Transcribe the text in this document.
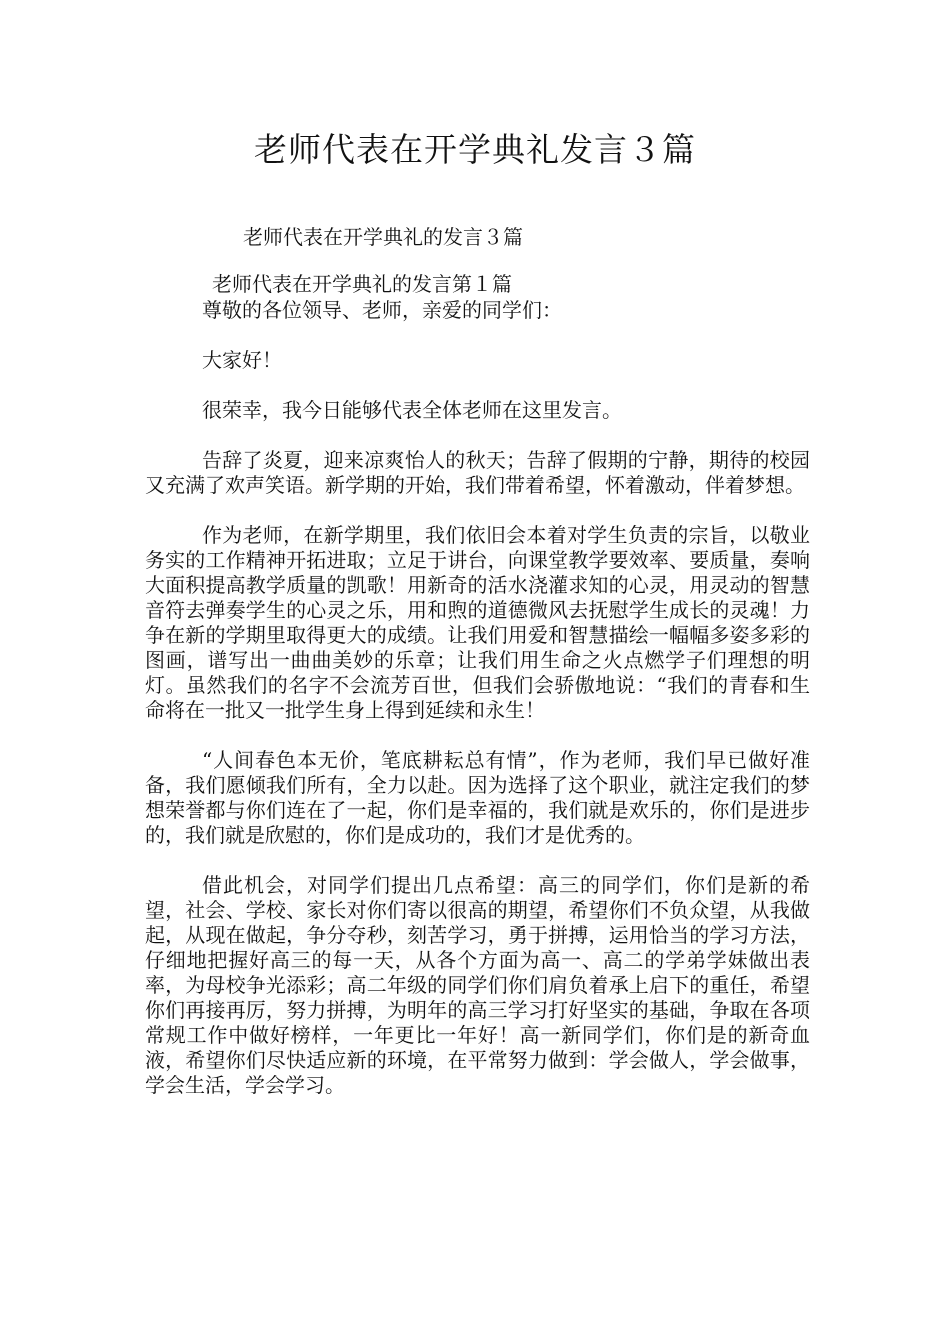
老师代表在开学典礼发言３篇
老师代表在开学典礼的发言３篇
老师代表在开学典礼的发言第１篇

尊敬的各位领导、老师，亲爱的同学们：

大家好！

很荣幸，我今日能够代表全体老师在这里发言。

告辞了炎夏，迎来凉爽怡人的秋天；告辞了假期的宁静，期待的校园又充满了欢声笑语。新学期的开始，我们带着希望，怀着激动，伴着梦想。

作为老师，在新学期里，我们依旧会本着对学生负责的宗旨，以敬业务实的工作精神开拓进取；立足于讲台，向课堂教学要效率、要质量，奏响大面积提高教学质量的凯歌！用新奇的活水浇灌求知的心灵，用灵动的智慧音符去弹奏学生的心灵之乐，用和煦的道德微风去抚慰学生成长的灵魂！力争在新的学期里取得更大的成绩。让我们用爱和智慧描绘一幅幅多姿多彩的图画，谱写出一曲曲美妙的乐章；让我们用生命之火点燃学子们理想的明灯。虽然我们的名字不会流芳百世，但我们会骄傲地说：“我们的青春和生命将在一批又一批学生身上得到延续和永生！

“人间春色本无价，笔底耕耘总有情”，作为老师，我们早已做好准备，我们愿倾我们所有，全力以赴。因为选择了这个职业，就注定我们的梦想荣誉都与你们连在了一起，你们是幸福的，我们就是欢乐的，你们是进步的，我们就是欣慰的，你们是成功的，我们才是优秀的。

借此机会，对同学们提出几点希望：高三的同学们，你们是新的希望，社会、学校、家长对你们寄以很高的期望，希望你们不负众望，从我做起，从现在做起，争分夺秒，刻苦学习，勇于拼搏，运用恰当的学习方法，仔细地把握好高三的每一天，从各个方面为高一、高二的学弟学妹做出表率，为母校争光添彩；高二年级的同学们你们肩负着承上启下的重任，希望你们再接再厉，努力拼搏，为明年的高三学习打好坚实的基础，争取在各项常规工作中做好榜样，一年更比一年好！高一新同学们，你们是的新奇血液，希望你们尽快适应新的环境，在平常努力做到：学会做人，学会做事，学会生活，学会学习。
